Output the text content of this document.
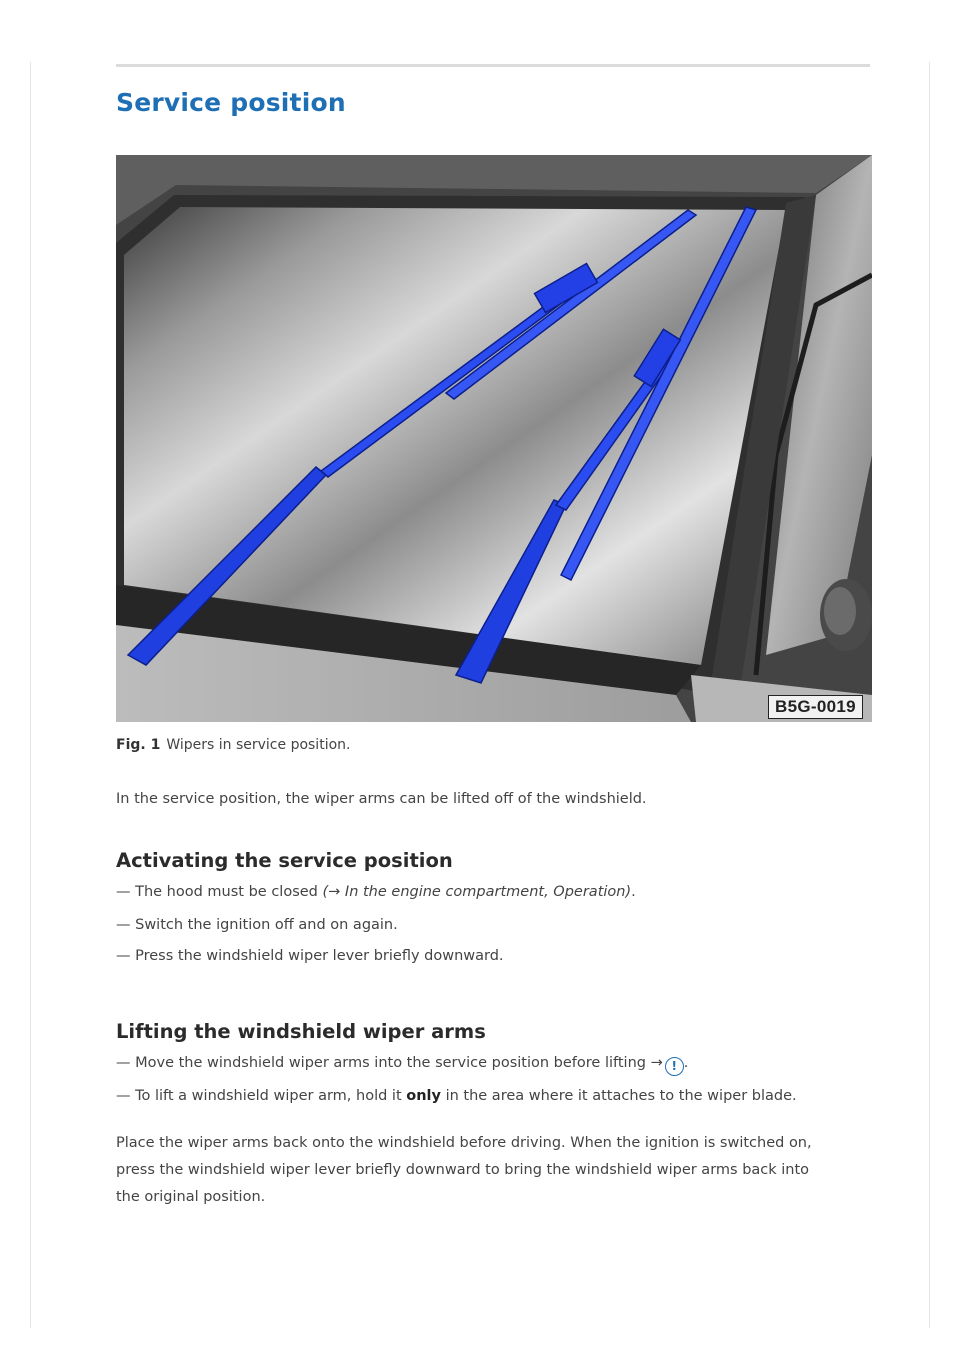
Service position
B5G-0019
Fig. 1 Wipers in service position.

In the service position, the wiper arms can be lifted off of the windshield.

Activating the service position
— The hood must be closed (→ In the engine compartment, Operation).
— Switch the ignition off and on again.
— Press the windshield wiper lever briefly downward.
Lifting the windshield wiper arms
— Move the windshield wiper arms into the service position before lifting → ! .
— To lift a windshield wiper arm, hold it only in the area where it attaches to the wiper blade.

Place the wiper arms back onto the windshield before driving. When the ignition is switched on,
press the windshield wiper lever briefly downward to bring the windshield wiper arms back into
the original position.
